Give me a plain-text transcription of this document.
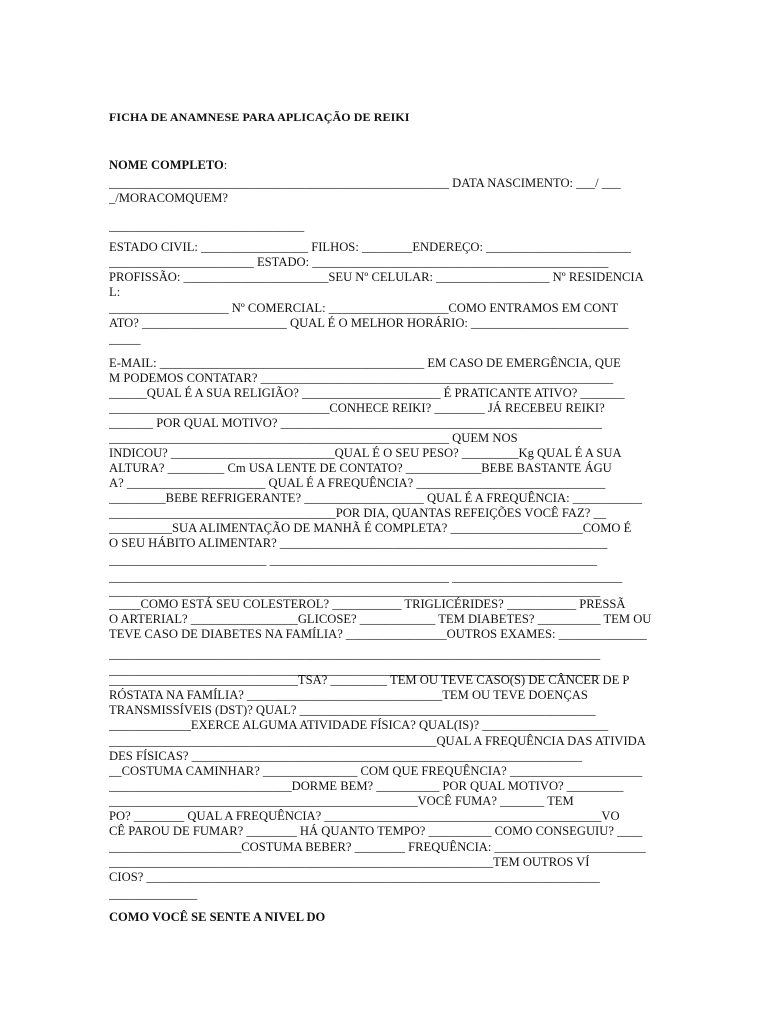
FICHA DE ANAMNESE PARA APLICAÇÃO DE REIKI
NOME COMPLETO:
______________________________________________________ DATA NASCIMENTO: ___/ ___
_/MORACOMQUEM?
_______________________________
ESTADO CIVIL: _________________ FILHOS: ________ENDEREÇO: _______________________
_______________________ ESTADO: _______________________________________________
PROFISSÃO: _______________________SEU Nº CELULAR: __________________ Nº RESIDENCIA
L:
___________________ Nº COMERCIAL: ___________________COMO ENTRAMOS EM CONT
ATO? _______________________ QUAL É O MELHOR HORÁRIO: _________________________
_____
E-MAIL: __________________________________________ EM CASO DE EMERGÊNCIA, QUE
M PODEMOS CONTATAR? ________________________________________________________
______QUAL É A SUA RELIGIÃO? ______________________ É PRATICANTE ATIVO? _______
___________________________________CONHECE REIKI? ________ JÁ RECEBEU REIKI?
_______ POR QUAL MOTIVO? ___________________________________________________
______________________________________________________ QUEM NOS
INDICOU? __________________________QUAL É O SEU PESO? _________Kg QUAL É A SUA
ALTURA? _________ Cm USA LENTE DE CONTATO? ____________BEBE BASTANTE ÁGU
A? ______________________ QUAL É A FREQUÊNCIA? ______________________________
_________BEBE REFRIGERANTE? ___________________ QUAL É A FREQUÊNCIA: ___________
____________________________________POR DIA, QUANTAS REFEIÇÕES VOCÊ FAZ? __
__________SUA ALIMENTAÇÃO DE MANHÃ É COMPLETA? _____________________COMO É
O SEU HÁBITO ALIMENTAR? ____________________________________________________
_________________________ ____________________________________________________
______________________________________________________ ___________________________
______________________________________________________________________________
_____COMO ESTÁ SEU COLESTEROL? ___________ TRIGLICÉRIDES? ___________ PRESSÃ
O ARTERIAL? _________________GLICOSE? ____________ TEM DIABETES? __________ TEM OU
TEVE CASO DE DIABETES NA FAMÍLIA? ________________OUTROS EXAMES: ______________
______________________________________________________________________________
______________________________________________________________________________
______________________________TSA? _________ TEM OU TEVE CASO(S) DE CÂNCER DE P
RÓSTATA NA FAMÍLIA? _______________________________TEM OU TEVE DOENÇAS
TRANSMISSÍVEIS (DST)? QUAL? _______________________________________________
_____________EXERCE ALGUMA ATIVIDADE FÍSICA? QUAL(IS)? ____________________
____________________________________________________QUAL A FREQUÊNCIA DAS ATIVIDA
DES FÍSICAS? ______________________________________________________________
__COSTUMA CAMINHAR? _______________ COM QUE FREQUÊNCIA? _____________________
_____________________________DORME BEM? __________ POR QUAL MOTIVO? _________
_________________________________________________VOCÊ FUMA? _______ TEM
PO? ________ QUAL A FREQUÊNCIA? ____________________________________________VO
CÊ PAROU DE FUMAR? ________ HÁ QUANTO TEMPO? __________ COMO CONSEGUIU? ____
_____________________COSTUMA BEBER? ________ FREQUÊNCIA: ________________________
_____________________________________________________________TEM OUTROS VÍ
CIOS? ________________________________________________________________________
______________
COMO VOCÊ SE SENTE A NIVEL DO
